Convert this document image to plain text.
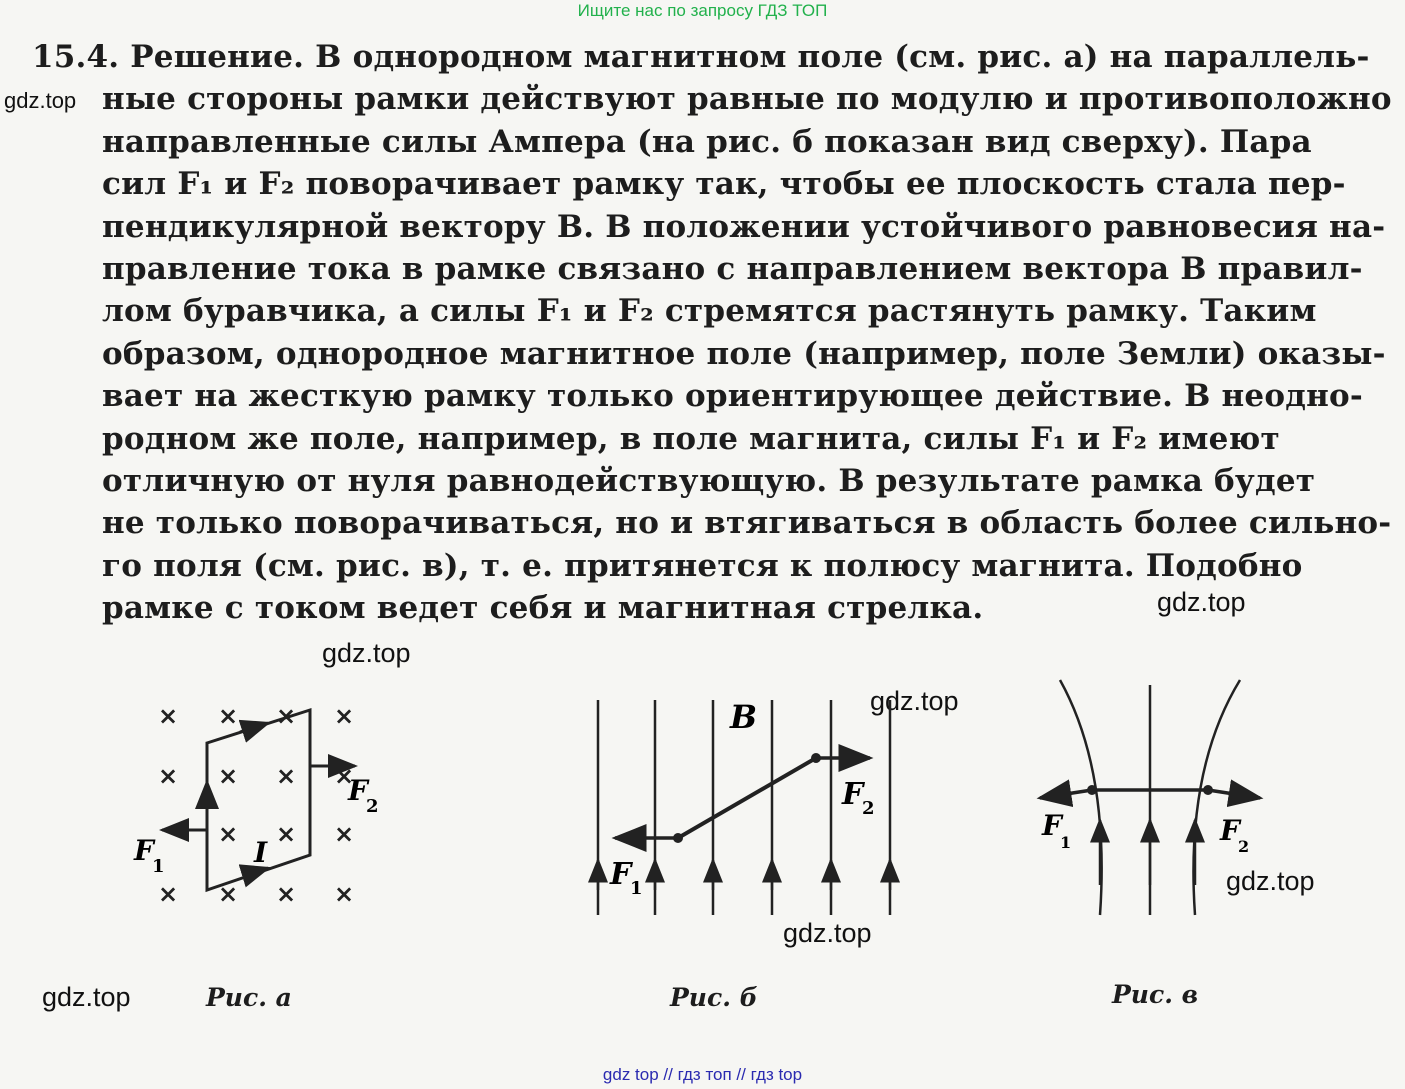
Ищите нас по запросу ГДЗ ТОП
15.4. Решение. В однородном магнитном поле (см. рис. а) на параллель-
ные стороны рамки действуют равные по модулю и противоположно
направленные силы Ампера (на рис. б показан вид сверху). Пара
сил F₁ и F₂ поворачивает рамку так, чтобы ее плоскость стала пер-
пендикулярной вектору B. В положении устойчивого равновесия на-
правление тока в рамке связано с направлением вектора B правил-
лом буравчика, а силы F₁ и F₂ стремятся растянуть рамку. Таким
образом, однородное магнитное поле (например, поле Земли) оказы-
вает на жесткую рамку только ориентирующее действие. В неодно-
родном же поле, например, в поле магнита, силы F₁ и F₂ имеют
отличную от нуля равнодействующую. В результате рамка будет
не только поворачиваться, но и втягиваться в область более сильно-
го поля (см. рис. в), т. е. притянется к полюсу магнита. Подобно
рамке с током ведет себя и магнитная стрелка.
gdz.top
gdz.top
gdz.top
gdz.top
gdz.top
gdz.top
gdz.top
× × × ×
× × × ×
× × ×
× × × ×
F
1
F
2
I
Рис. а
B
F
1
F
2
Рис. б
F
1	F
2
Рис. в
gdz top // гдз топ // гдз top
